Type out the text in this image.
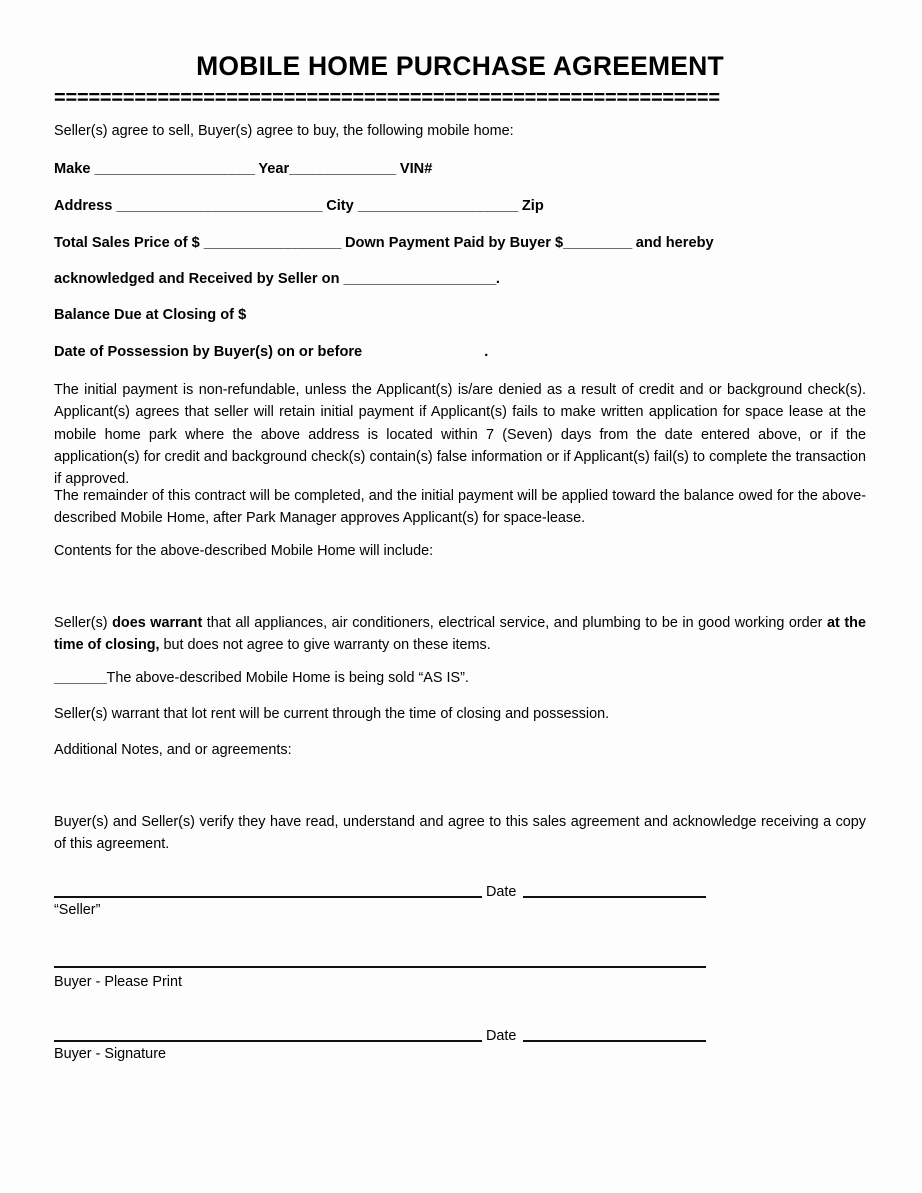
MOBILE HOME PURCHASE AGREEMENT
==========================================================
Seller(s) agree to sell, Buyer(s) agree to buy, the following mobile home:
Make _____________________ Year______________ VIN#
Address ___________________________ City _____________________ Zip
Total Sales Price of $ __________________ Down Payment Paid by Buyer $_________ and hereby
acknowledged and Received by Seller on ____________________.
Balance Due at Closing of $
Date of Possession by Buyer(s) on or before	.
The initial payment is non-refundable, unless the Applicant(s) is/are denied as a result of credit and or background check(s). Applicant(s) agrees that seller will retain initial payment if Applicant(s) fails to make written application for space lease at the mobile home park where the above address is located within 7 (Seven) days from the date entered above, or if the application(s) for credit and background check(s) contain(s) false information or if Applicant(s) fail(s) to complete the transaction if approved.
The remainder of this contract will be completed, and the initial payment will be applied toward the balance owed for the above-described Mobile Home, after Park Manager approves Applicant(s) for space-lease.
Contents for the above-described Mobile Home will include:
Seller(s) does warrant that all appliances, air conditioners, electrical service, and plumbing to be in good working order at the time of closing, but does not agree to give warranty on these items.
_______The above-described Mobile Home is being sold “AS IS”.
Seller(s) warrant that lot rent will be current through the time of closing and possession.
Additional Notes, and or agreements:
Buyer(s) and Seller(s) verify they have read, understand and agree to this sales agreement and acknowledge receiving a copy of this agreement.
Date
“Seller”
Buyer - Please Print
Date
Buyer - Signature
